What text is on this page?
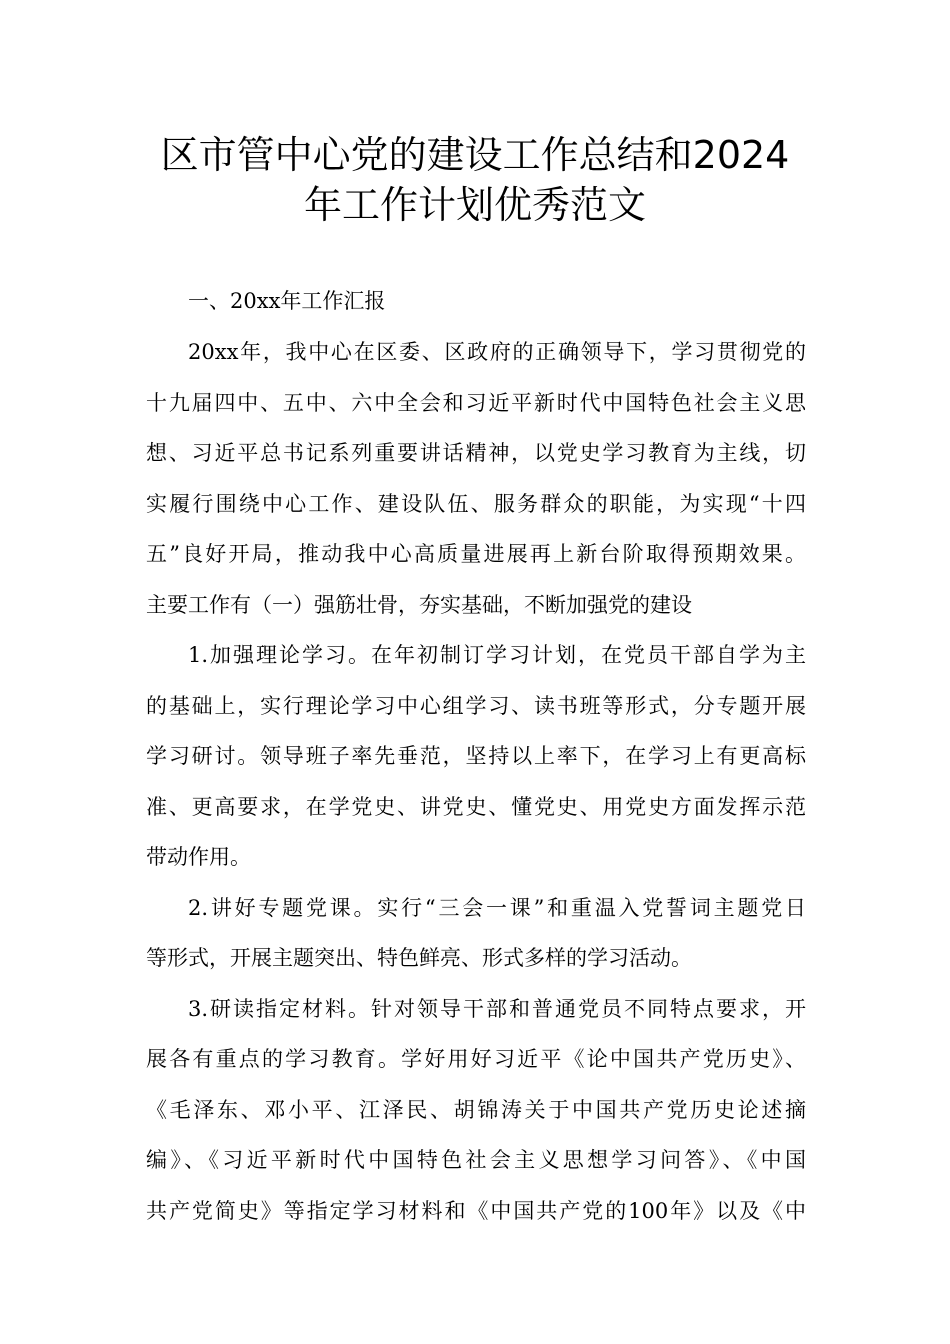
区市管中心党的建设工作总结和2024
年工作计划优秀范文
一、20xx年工作汇报
20xx年，我中心在区委、区政府的正确领导下，学习贯彻党的
十九届四中、五中、六中全会和习近平新时代中国特色社会主义思
想、习近平总书记系列重要讲话精神，以党史学习教育为主线，切
实履行围绕中心工作、建设队伍、服务群众的职能，为实现“十四
五”良好开局，推动我中心高质量进展再上新台阶取得预期效果。
主要工作有（一）强筋壮骨，夯实基础，不断加强党的建设
1.加强理论学习。在年初制订学习计划，在党员干部自学为主
的基础上，实行理论学习中心组学习、读书班等形式，分专题开展
学习研讨。领导班子率先垂范，坚持以上率下，在学习上有更高标
准、更高要求，在学党史、讲党史、懂党史、用党史方面发挥示范
带动作用。
2.讲好专题党课。实行“三会一课”和重温入党誓词主题党日
等形式，开展主题突出、特色鲜亮、形式多样的学习活动。
3.研读指定材料。针对领导干部和普通党员不同特点要求，开
展各有重点的学习教育。学好用好习近平《论中国共产党历史》、
《毛泽东、邓小平、江泽民、胡锦涛关于中国共产党历史论述摘
编》、《习近平新时代中国特色社会主义思想学习问答》、《中国
共产党简史》等指定学习材料和《中国共产党的100年》以及《中
